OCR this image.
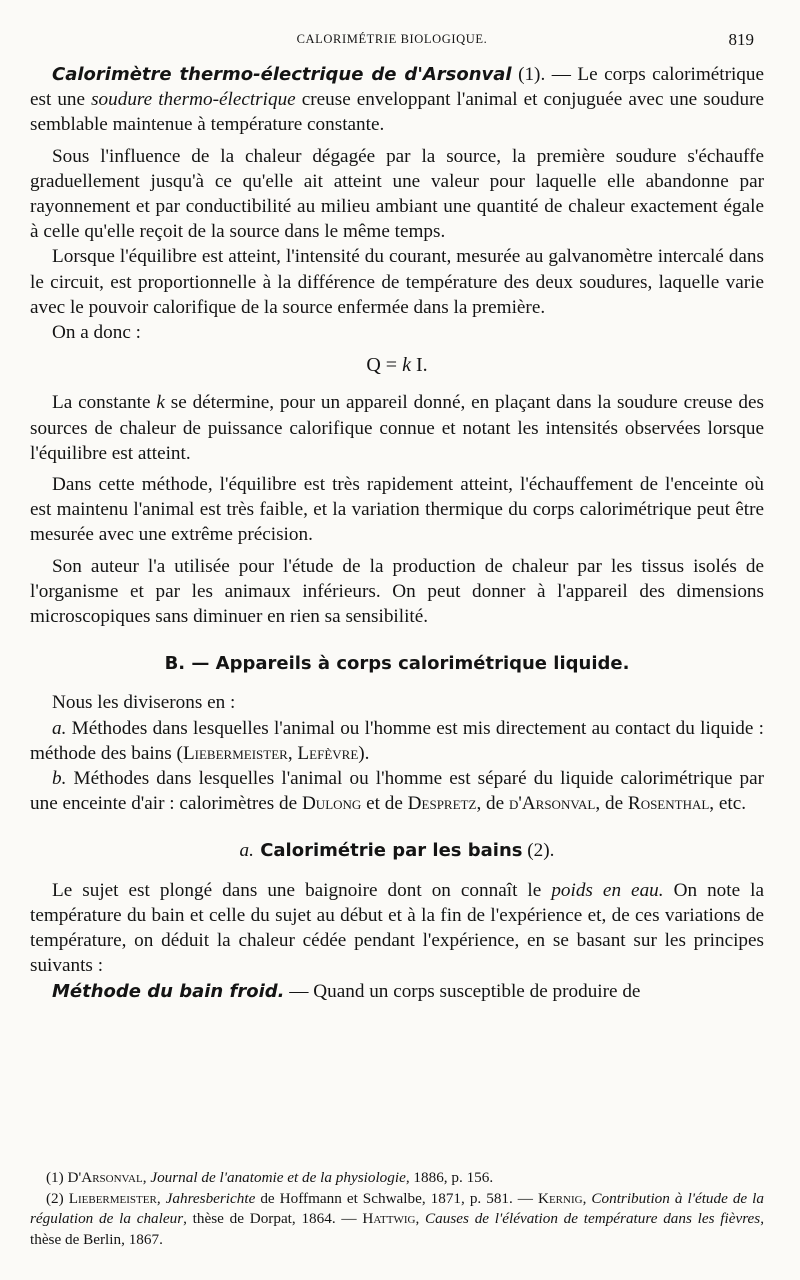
CALORIMÉTRIE BIOLOGIQUE.	819

Calorimètre thermo-électrique de d'Arsonval (1). — Le corps calorimétrique est une soudure thermo-électrique creuse enveloppant l'animal et conjuguée avec une soudure semblable maintenue à température constante.

Sous l'influence de la chaleur dégagée par la source, la première soudure s'échauffe graduellement jusqu'à ce qu'elle ait atteint une valeur pour laquelle elle abandonne par rayonnement et par conductibilité au milieu ambiant une quantité de chaleur exactement égale à celle qu'elle reçoit de la source dans le même temps.

Lorsque l'équilibre est atteint, l'intensité du courant, mesurée au galvanomètre intercalé dans le circuit, est proportionnelle à la différence de température des deux soudures, laquelle varie avec le pouvoir calorifique de la source enfermée dans la première.

On a donc :

Q = k I.

La constante k se détermine, pour un appareil donné, en plaçant dans la soudure creuse des sources de chaleur de puissance calorifique connue et notant les intensités observées lorsque l'équilibre est atteint.

Dans cette méthode, l'équilibre est très rapidement atteint, l'échauffement de l'enceinte où est maintenu l'animal est très faible, et la variation thermique du corps calorimétrique peut être mesurée avec une extrême précision.

Son auteur l'a utilisée pour l'étude de la production de chaleur par les tissus isolés de l'organisme et par les animaux inférieurs. On peut donner à l'appareil des dimensions microscopiques sans diminuer en rien sa sensibilité.

B. — Appareils à corps calorimétrique liquide.

Nous les diviserons en :

a. Méthodes dans lesquelles l'animal ou l'homme est mis directement au contact du liquide : méthode des bains (Liebermeister, Lefèvre).

b. Méthodes dans lesquelles l'animal ou l'homme est séparé du liquide calorimétrique par une enceinte d'air : calorimètres de Dulong et de Despretz, de d'Arsonval, de Rosenthal, etc.

a. Calorimétrie par les bains (2).

Le sujet est plongé dans une baignoire dont on connaît le poids en eau. On note la température du bain et celle du sujet au début et à la fin de l'expérience et, de ces variations de température, on déduit la chaleur cédée pendant l'expérience, en se basant sur les principes suivants :

Méthode du bain froid. — Quand un corps susceptible de produire de

(1) D'Arsonval, Journal de l'anatomie et de la physiologie, 1886, p. 156.

(2) Liebermeister, Jahresberichte de Hoffmann et Schwalbe, 1871, p. 581. — Kernig, Contribution à l'étude de la régulation de la chaleur, thèse de Dorpat, 1864. — Hattwig, Causes de l'élévation de température dans les fièvres, thèse de Berlin, 1867.
